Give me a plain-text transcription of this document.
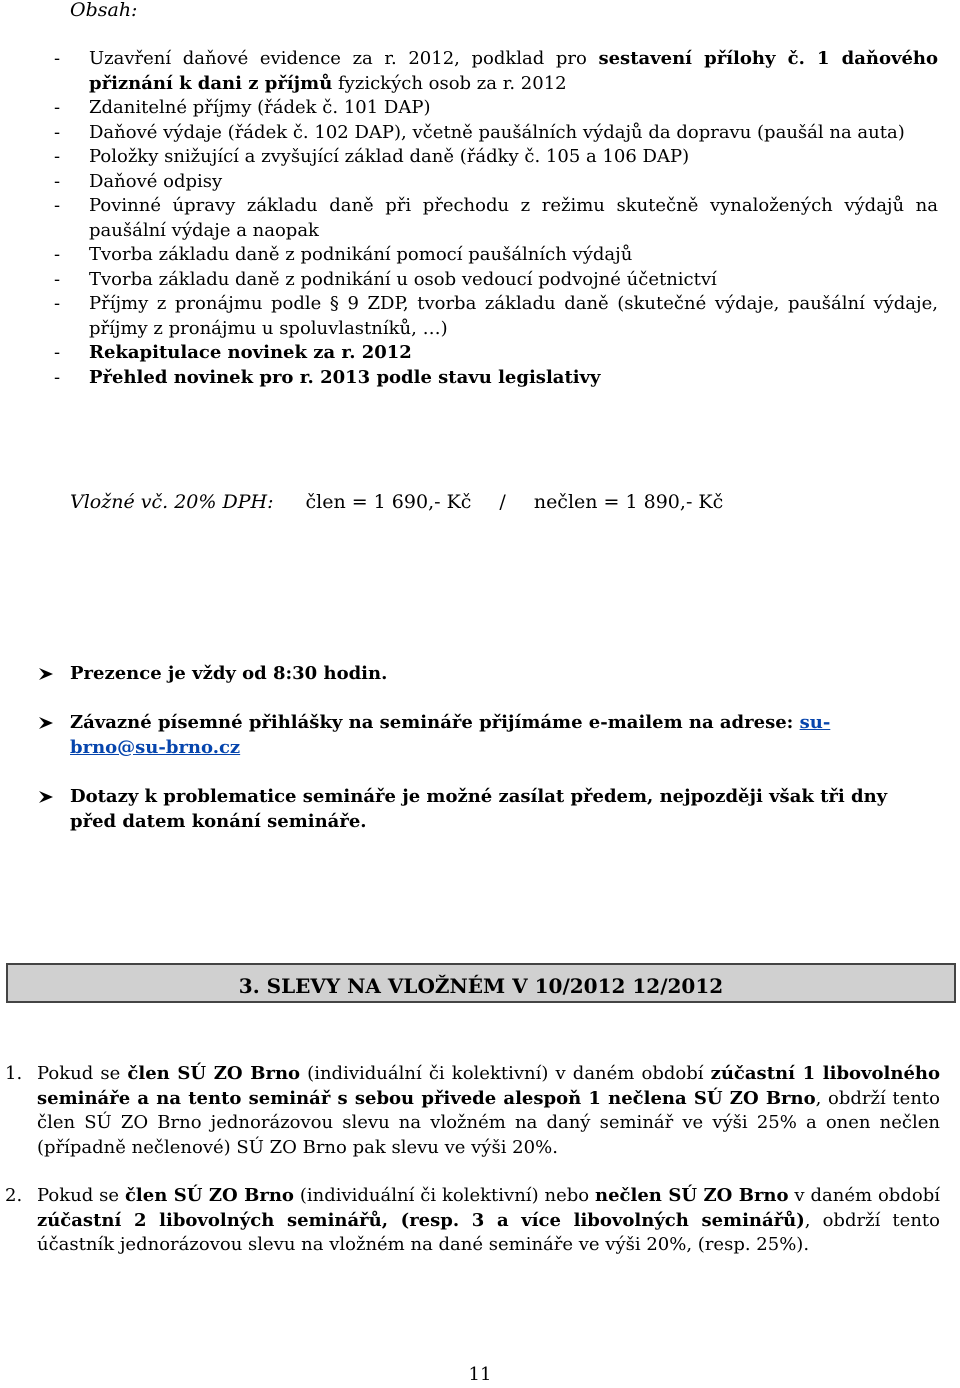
Obsah:
- Uzavření daňové evidence za r. 2012, podklad pro sestavení přílohy č. 1 daňového přiznání k dani z příjmů fyzických osob za r. 2012
- Zdanitelné příjmy (řádek č. 101 DAP)
- Daňové výdaje (řádek č. 102 DAP), včetně paušálních výdajů da dopravu (paušál na auta)
- Položky snižující a zvyšující základ daně (řádky č. 105 a 106 DAP)
- Daňové odpisy
- Povinné úpravy základu daně při přechodu z režimu skutečně vynaložených výdajů na paušální výdaje a naopak
- Tvorba základu daně z podnikání pomocí paušálních výdajů
- Tvorba základu daně z podnikání u osob vedoucí podvojné účetnictví
- Příjmy z pronájmu podle § 9 ZDP, tvorba základu daně (skutečné výdaje, paušální výdaje, příjmy z pronájmu u spoluvlastníků, …)
- Rekapitulace novinek za r. 2012
- Přehled novinek pro r. 2013 podle stavu legislativy
Vložné vč. 20% DPH: člen = 1 690,- Kč / nečlen = 1 890,- Kč
Prezence je vždy od 8:30 hodin.
Závazné písemné přihlášky na semináře přijímáme e-mailem na adrese: su-brno@su-brno.cz
Dotazy k problematice semináře je možné zasílat předem, nejpozději však tři dny před datem konání semináře.
3. SLEVY NA VLOŽNÉM V 10/2012 12/2012
1. Pokud se člen SÚ ZO Brno (individuální či kolektivní) v daném období zúčastní 1 libovolného semináře a na tento seminář s sebou přivede alespoň 1 nečlena SÚ ZO Brno, obdrží tento člen SÚ ZO Brno jednorázovou slevu na vložném na daný seminář ve výši 25% a onen nečlen (případně nečlenové) SÚ ZO Brno pak slevu ve výši 20%.
2. Pokud se člen SÚ ZO Brno (individuální či kolektivní) nebo nečlen SÚ ZO Brno v daném období zúčastní 2 libovolných seminářů, (resp. 3 a více libovolných seminářů), obdrží tento účastník jednorázovou slevu na vložném na dané semináře ve výši 20%, (resp. 25%).
11
